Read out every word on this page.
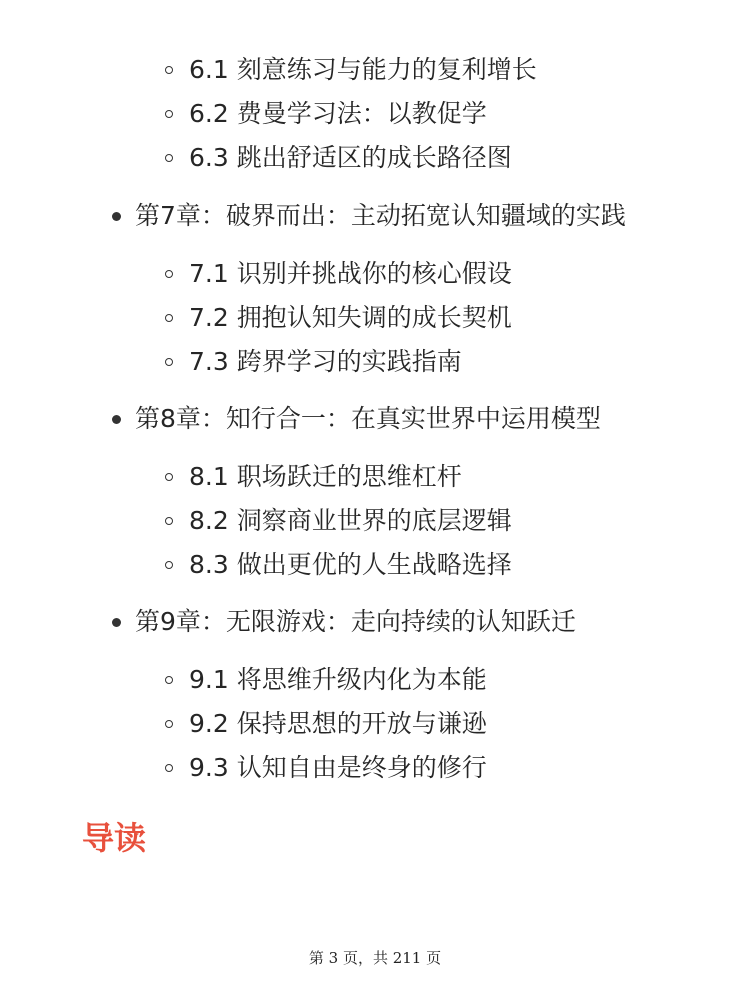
6.1 刻意练习与能力的复利增长
6.2 费曼学习法：以教促学
6.3 跳出舒适区的成长路径图
第7章：破界而出：主动拓宽认知疆域的实践
7.1 识别并挑战你的核心假设
7.2 拥抱认知失调的成长契机
7.3 跨界学习的实践指南
第8章：知行合一：在真实世界中运用模型
8.1 职场跃迁的思维杠杆
8.2 洞察商业世界的底层逻辑
8.3 做出更优的人生战略选择
第9章：无限游戏：走向持续的认知跃迁
9.1 将思维升级内化为本能
9.2 保持思想的开放与谦逊
9.3 认知自由是终身的修行
导读
第 3 页，共 211 页
